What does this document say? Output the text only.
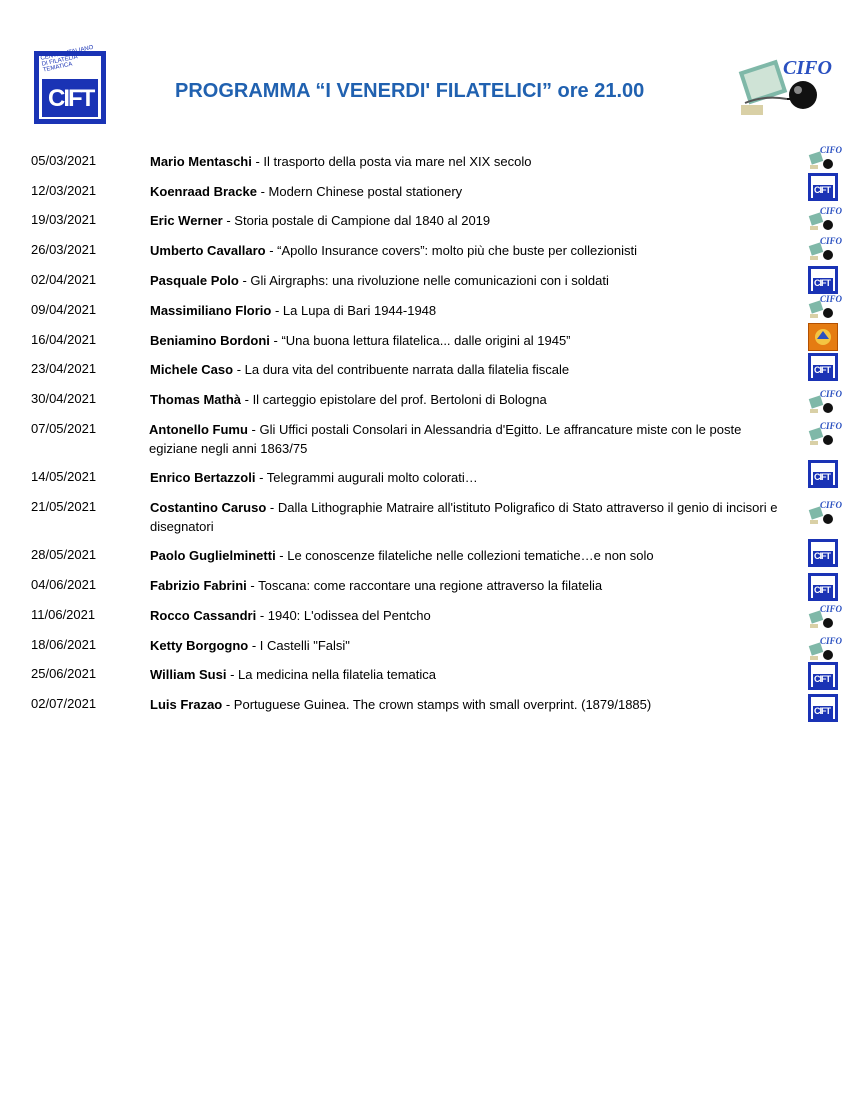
CENTRO ITALIANO DI FILATELIA TEMATICA
CIFT	PROGRAMMA “I VENERDI' FILATELICI” ore 21.00
CIFO
05/03/2021	Mario Mentaschi - Il trasporto della posta via mare nel XIX secolo
12/03/2021	Koenraad Bracke - Modern Chinese postal stationery
19/03/2021	Eric Werner - Storia postale di Campione dal 1840 al 2019
26/03/2021	Umberto Cavallaro - “Apollo Insurance covers”: molto più che buste per collezionisti
02/04/2021	Pasquale Polo - Gli Airgraphs: una rivoluzione nelle comunicazioni con i soldati
09/04/2021	Massimiliano Florio - La Lupa di Bari 1944-1948
16/04/2021	Beniamino Bordoni - “Una buona lettura filatelica... dalle origini al 1945”
23/04/2021	Michele Caso - La dura vita del contribuente narrata dalla filatelia fiscale
30/04/2021	Thomas Mathà - Il carteggio epistolare del prof. Bertoloni di Bologna
07/05/2021	Antonello Fumu - Gli Uffici postali Consolari in Alessandria d'Egitto. Le affrancature miste con le poste egiziane negli anni 1863/75
14/05/2021	Enrico Bertazzoli - Telegrammi augurali molto colorati…
21/05/2021	Costantino Caruso - Dalla Lithographie Matraire all'istituto Poligrafico di Stato attraverso il genio di incisori e disegnatori
28/05/2021	Paolo Guglielminetti - Le conoscenze filateliche nelle collezioni tematiche…e non solo
04/06/2021	Fabrizio Fabrini - Toscana: come raccontare una regione attraverso la filatelia
11/06/2021	Rocco Cassandri - 1940: L'odissea del Pentcho
18/06/2021	Ketty Borgogno - I Castelli "Falsi"
25/06/2021	William Susi - La medicina nella filatelia tematica
02/07/2021	Luis Frazao - Portuguese Guinea. The crown stamps with small overprint. (1879/1885)
CIFO
CIFT
CIFO
CIFO
CIFT
CIFO
CIFT
CIFO
CIFO
CIFT
CIFO
CIFT
CIFT
CIFO
CIFO
CIFT
CIFT
